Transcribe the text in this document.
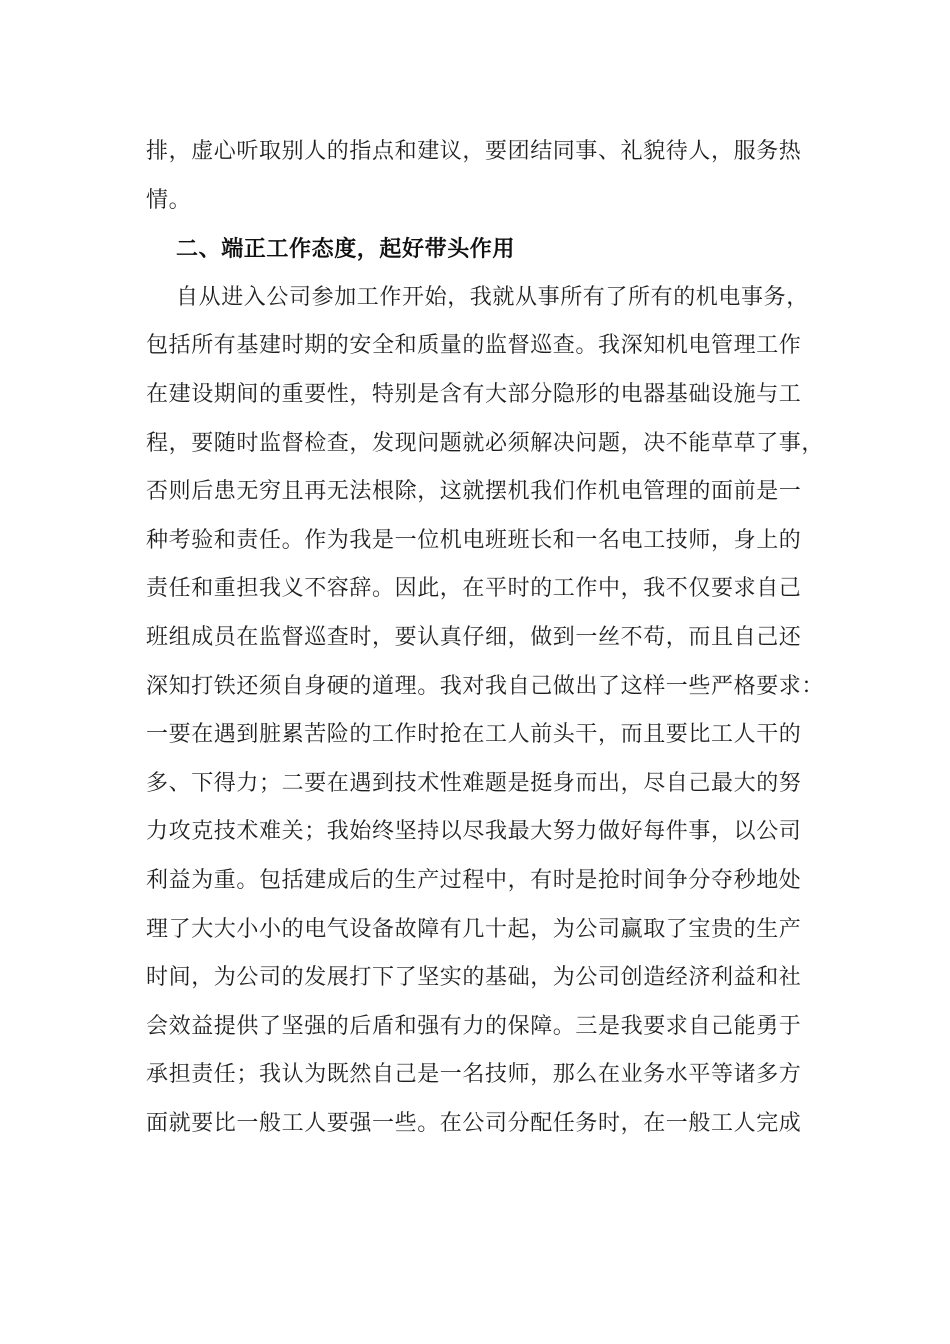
排，虚心听取别人的指点和建议，要团结同事、礼貌待人，服务热
情。
二、端正工作态度，起好带头作用
自从进入公司参加工作开始，我就从事所有了所有的机电事务，
包括所有基建时期的安全和质量的监督巡查。我深知机电管理工作
在建设期间的重要性，特别是含有大部分隐形的电器基础设施与工
程，要随时监督检查，发现问题就必须解决问题，决不能草草了事，
否则后患无穷且再无法根除，这就摆机我们作机电管理的面前是一
种考验和责任。作为我是一位机电班班长和一名电工技师，身上的
责任和重担我义不容辞。因此，在平时的工作中，我不仅要求自己
班组成员在监督巡查时，要认真仔细，做到一丝不苟，而且自己还
深知打铁还须自身硬的道理。我对我自己做出了这样一些严格要求：
一要在遇到脏累苦险的工作时抢在工人前头干，而且要比工人干的
多、下得力；二要在遇到技术性难题是挺身而出，尽自己最大的努
力攻克技术难关；我始终坚持以尽我最大努力做好每件事，以公司
利益为重。包括建成后的生产过程中，有时是抢时间争分夺秒地处
理了大大小小的电气设备故障有几十起，为公司赢取了宝贵的生产
时间，为公司的发展打下了坚实的基础，为公司创造经济利益和社
会效益提供了坚强的后盾和强有力的保障。三是我要求自己能勇于
承担责任；我认为既然自己是一名技师，那么在业务水平等诸多方
面就要比一般工人要强一些。在公司分配任务时，在一般工人完成
